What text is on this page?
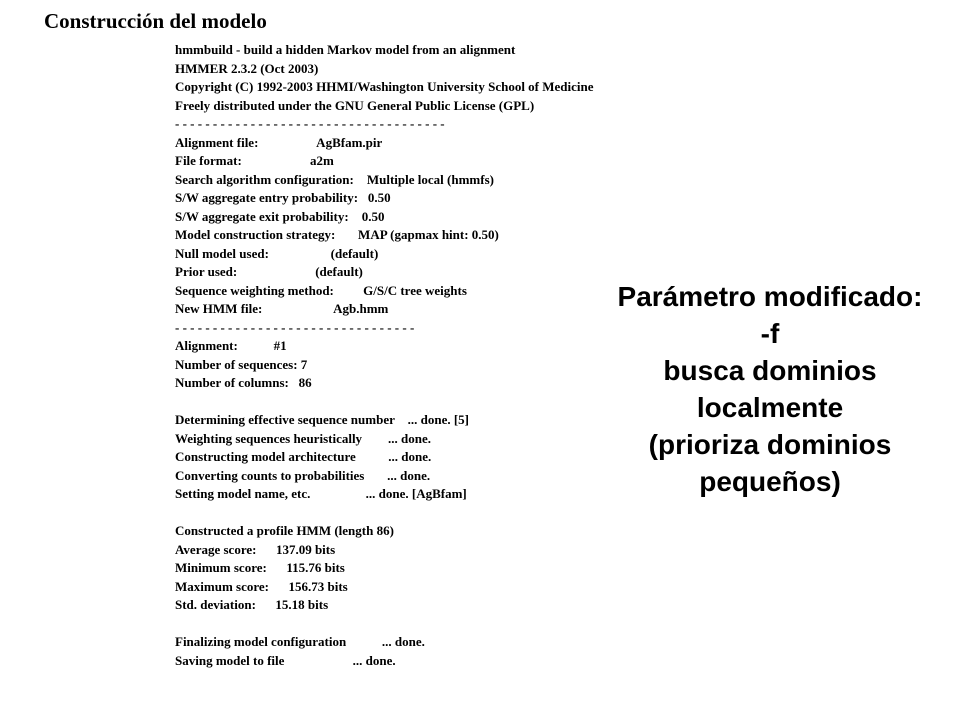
Construcción del modelo
hmmbuild - build a hidden Markov model from an alignment
HMMER 2.3.2 (Oct 2003)
Copyright (C) 1992-2003 HHMI/Washington University School of Medicine
Freely distributed under the GNU General Public License (GPL)
- - - - - - - - - - - - - - - - - - - - - - - - - - - - - - - - - - - -
Alignment file:                  AgBfam.pir
File format:                     a2m
Search algorithm configuration:    Multiple local (hmmfs)
S/W aggregate entry probability:   0.50
S/W aggregate exit probability:    0.50
Model construction strategy:       MAP (gapmax hint: 0.50)
Null model used:                   (default)
Prior used:                        (default)
Sequence weighting method:         G/S/C tree weights
New HMM file:                      Agb.hmm
- - - - - - - - - - - - - - - - - - - - - - - - - - - - - - - -
Alignment:           #1
Number of sequences: 7
Number of columns:   86
Determining effective sequence number    ... done. [5]
Weighting sequences heuristically        ... done.
Constructing model architecture          ... done.
Converting counts to probabilities       ... done.
Setting model name, etc.                 ... done. [AgBfam]
Constructed a profile HMM (length 86)
Average score:      137.09 bits
Minimum score:      115.76 bits
Maximum score:      156.73 bits
Std. deviation:      15.18 bits
Finalizing model configuration           ... done.
Saving model to file                     ... done.
Parámetro modificado:
-f
busca dominios
localmente
(prioriza dominios
pequeños)
